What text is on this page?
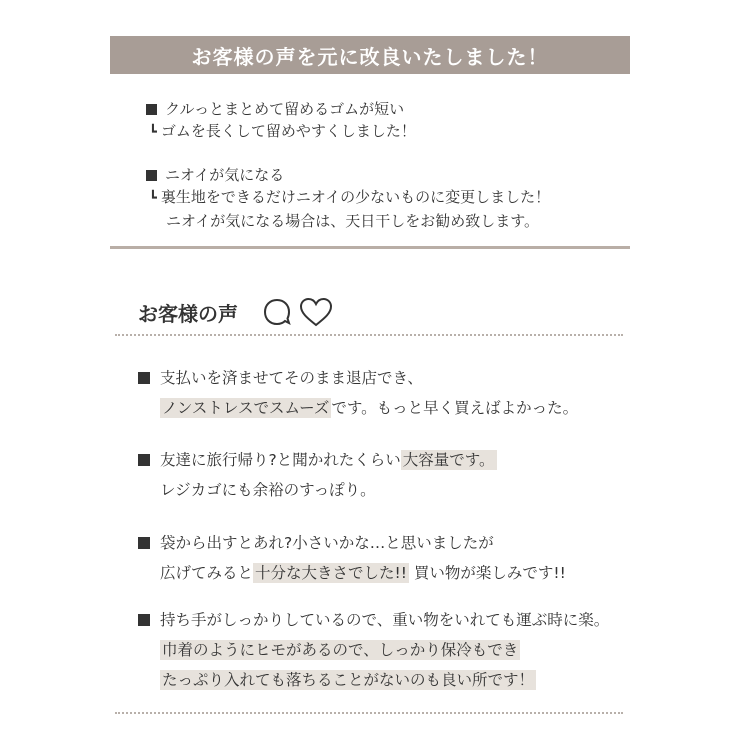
お客様の声を元に改良いたしました！
クルっとまとめて留めるゴムが短い
┗ ゴムを長くして留めやすくしました！
ニオイが気になる
┗ 裏生地をできるだけニオイの少ないものに変更しました！
ニオイが気になる場合は、天日干しをお勧め致します。
お客様の声
支払いを済ませてそのまま退店でき、
ノンストレスでスムーズ です。もっと早く買えばよかった。
友達に旅行帰り?と聞かれたくらい 大容量です。
レジカゴにも余裕のすっぽり。
袋から出すとあれ?小さいかな…と思いましたが
広げてみると 十分な大きさでした!! 買い物が楽しみです!!
持ち手がしっかりしているので、重い物をいれても運ぶ時に楽。
巾着のようにヒモがあるので、しっかり保冷もでき
たっぷり入れても落ちることがないのも良い所です！
